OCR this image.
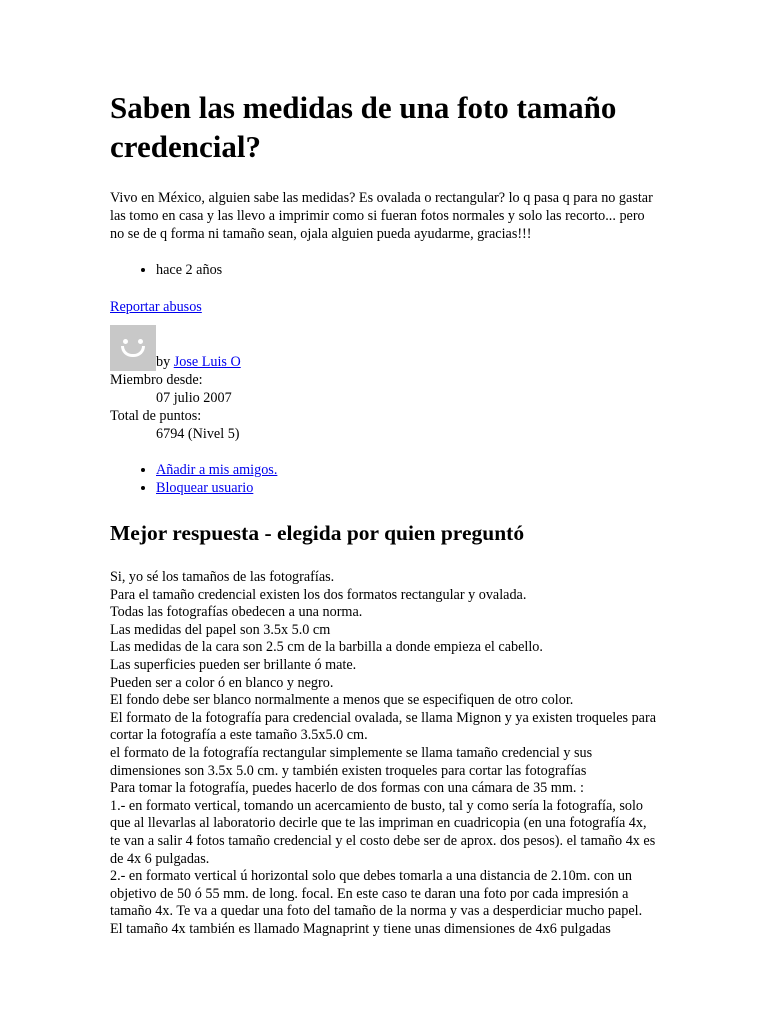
Saben las medidas de una foto tamaño credencial?
Vivo en México, alguien sabe las medidas? Es ovalada o rectangular? lo q pasa q para no gastar las tomo en casa y las llevo a imprimir como si fueran fotos normales y solo las recorto... pero no se de q forma ni tamaño sean, ojala alguien pueda ayudarme, gracias!!!
• hace 2 años
Reportar abusos
by
Jose Luis O
Miembro desde:
07 julio 2007
Total de puntos:
6794 (Nivel 5)
• Añadir a mis amigos.
• Bloquear usuario
Mejor respuesta - elegida por quien preguntó
Si, yo sé los tamaños de las fotografías.
Para el tamaño credencial existen los dos formatos rectangular y ovalada.
Todas las fotografías obedecen a una norma.
Las medidas del papel son 3.5x 5.0 cm
Las medidas de la cara son 2.5 cm de la barbilla a donde empieza el cabello.
Las superficies pueden ser brillante ó mate.
Pueden ser a color ó en blanco y negro.
El fondo debe ser blanco normalmente a menos que se especifiquen de otro color.
El formato de la fotografía para credencial ovalada, se llama Mignon y ya existen troqueles para cortar la fotografía a este tamaño 3.5x5.0 cm.
el formato de la fotografía rectangular simplemente se llama tamaño credencial y sus dimensiones son 3.5x 5.0 cm. y también existen troqueles para cortar las fotografías
Para tomar la fotografía, puedes hacerlo de dos formas con una cámara de 35 mm. :
1.- en formato vertical, tomando un acercamiento de busto, tal y como sería la fotografía, solo que al llevarlas al laboratorio decirle que te las impriman en cuadricopia (en una fotografía 4x, te van a salir 4 fotos tamaño credencial y el costo debe ser de aprox. dos pesos). el tamaño 4x es de 4x 6 pulgadas.
2.- en formato vertical ú horizontal solo que debes tomarla a una distancia de 2.10m. con un objetivo de 50 ó 55 mm. de long. focal. En este caso te daran una foto por cada impresión a tamaño 4x. Te va a quedar una foto del tamaño de la norma y vas a desperdiciar mucho papel.
El tamaño 4x también es llamado Magnaprint y tiene unas dimensiones de 4x6 pulgadas
